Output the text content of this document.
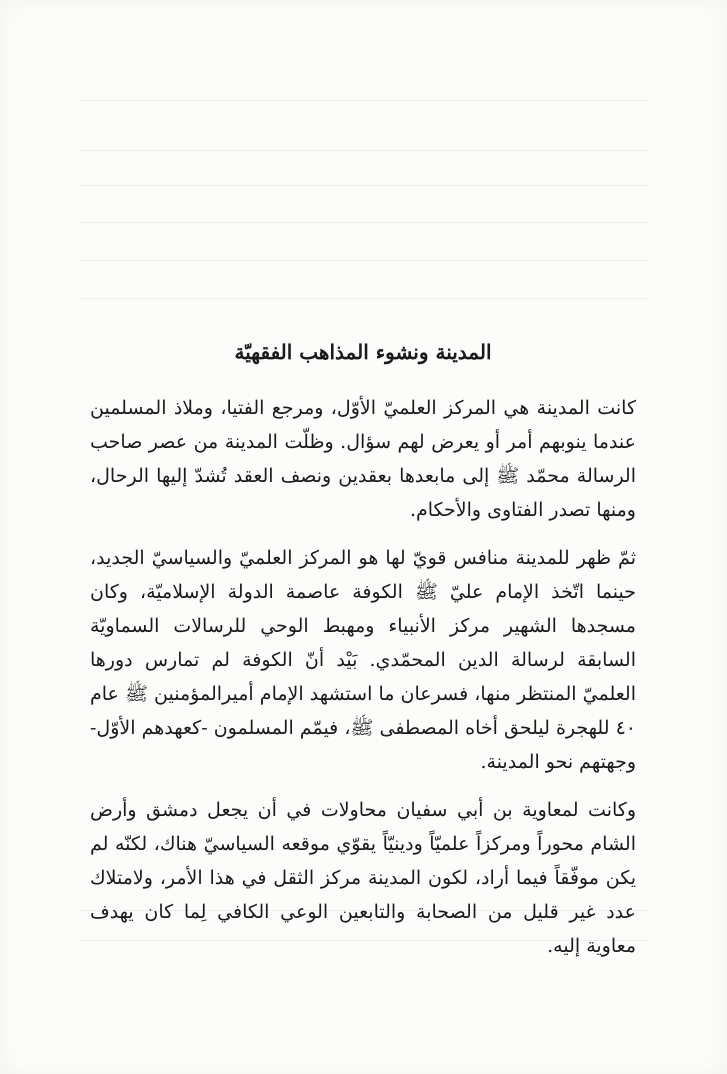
المدينة ونشوء المذاهب الفقهيّة

كانت المدينة هي المركز العلميّ الأوّل، ومرجع الفتيا، وملاذ المسلمين عندما ينوبهم أمر أو يعرض لهم سؤال. وظلّت المدينة من عصر صاحب الرسالة محمّد ﷺ إلى مابعدها بعقدين ونصف العقد تُشدّ إليها الرحال، ومنها تصدر الفتاوى والأحكام.

ثمّ ظهر للمدينة منافس قويّ لها هو المركز العلميّ والسياسيّ الجديد، حينما اتّخذ الإمام عليّ ﷺ الكوفة عاصمة الدولة الإسلاميّة، وكان مسجدها الشهير مركز الأنبياء ومهبط الوحي للرسالات السماويّة السابقة لرسالة الدين المحمّدي. بَيْد أنّ الكوفة لم تمارس دورها العلميّ المنتظر منها، فسرعان ما استشهد الإمام أميرالمؤمنين ﷺ عام ٤٠ للهجرة ليلحق أخاه المصطفى ﷺ، فيمّم المسلمون -كعهدهم الأوّل- وجهتهم نحو المدينة.

وكانت لمعاوية بن أبي سفيان محاولات في أن يجعل دمشق وأرض الشام محوراً ومركزاً علميّاً ودينيّاً يقوّي موقعه السياسيّ هناك، لكنّه لم يكن موفّقاً فيما أراد، لكون المدينة مركز الثقل في هذا الأمر، ولامتلاك عدد غير قليل من الصحابة والتابعين الوعي الكافي لِما كان يهدف معاوية إليه.
